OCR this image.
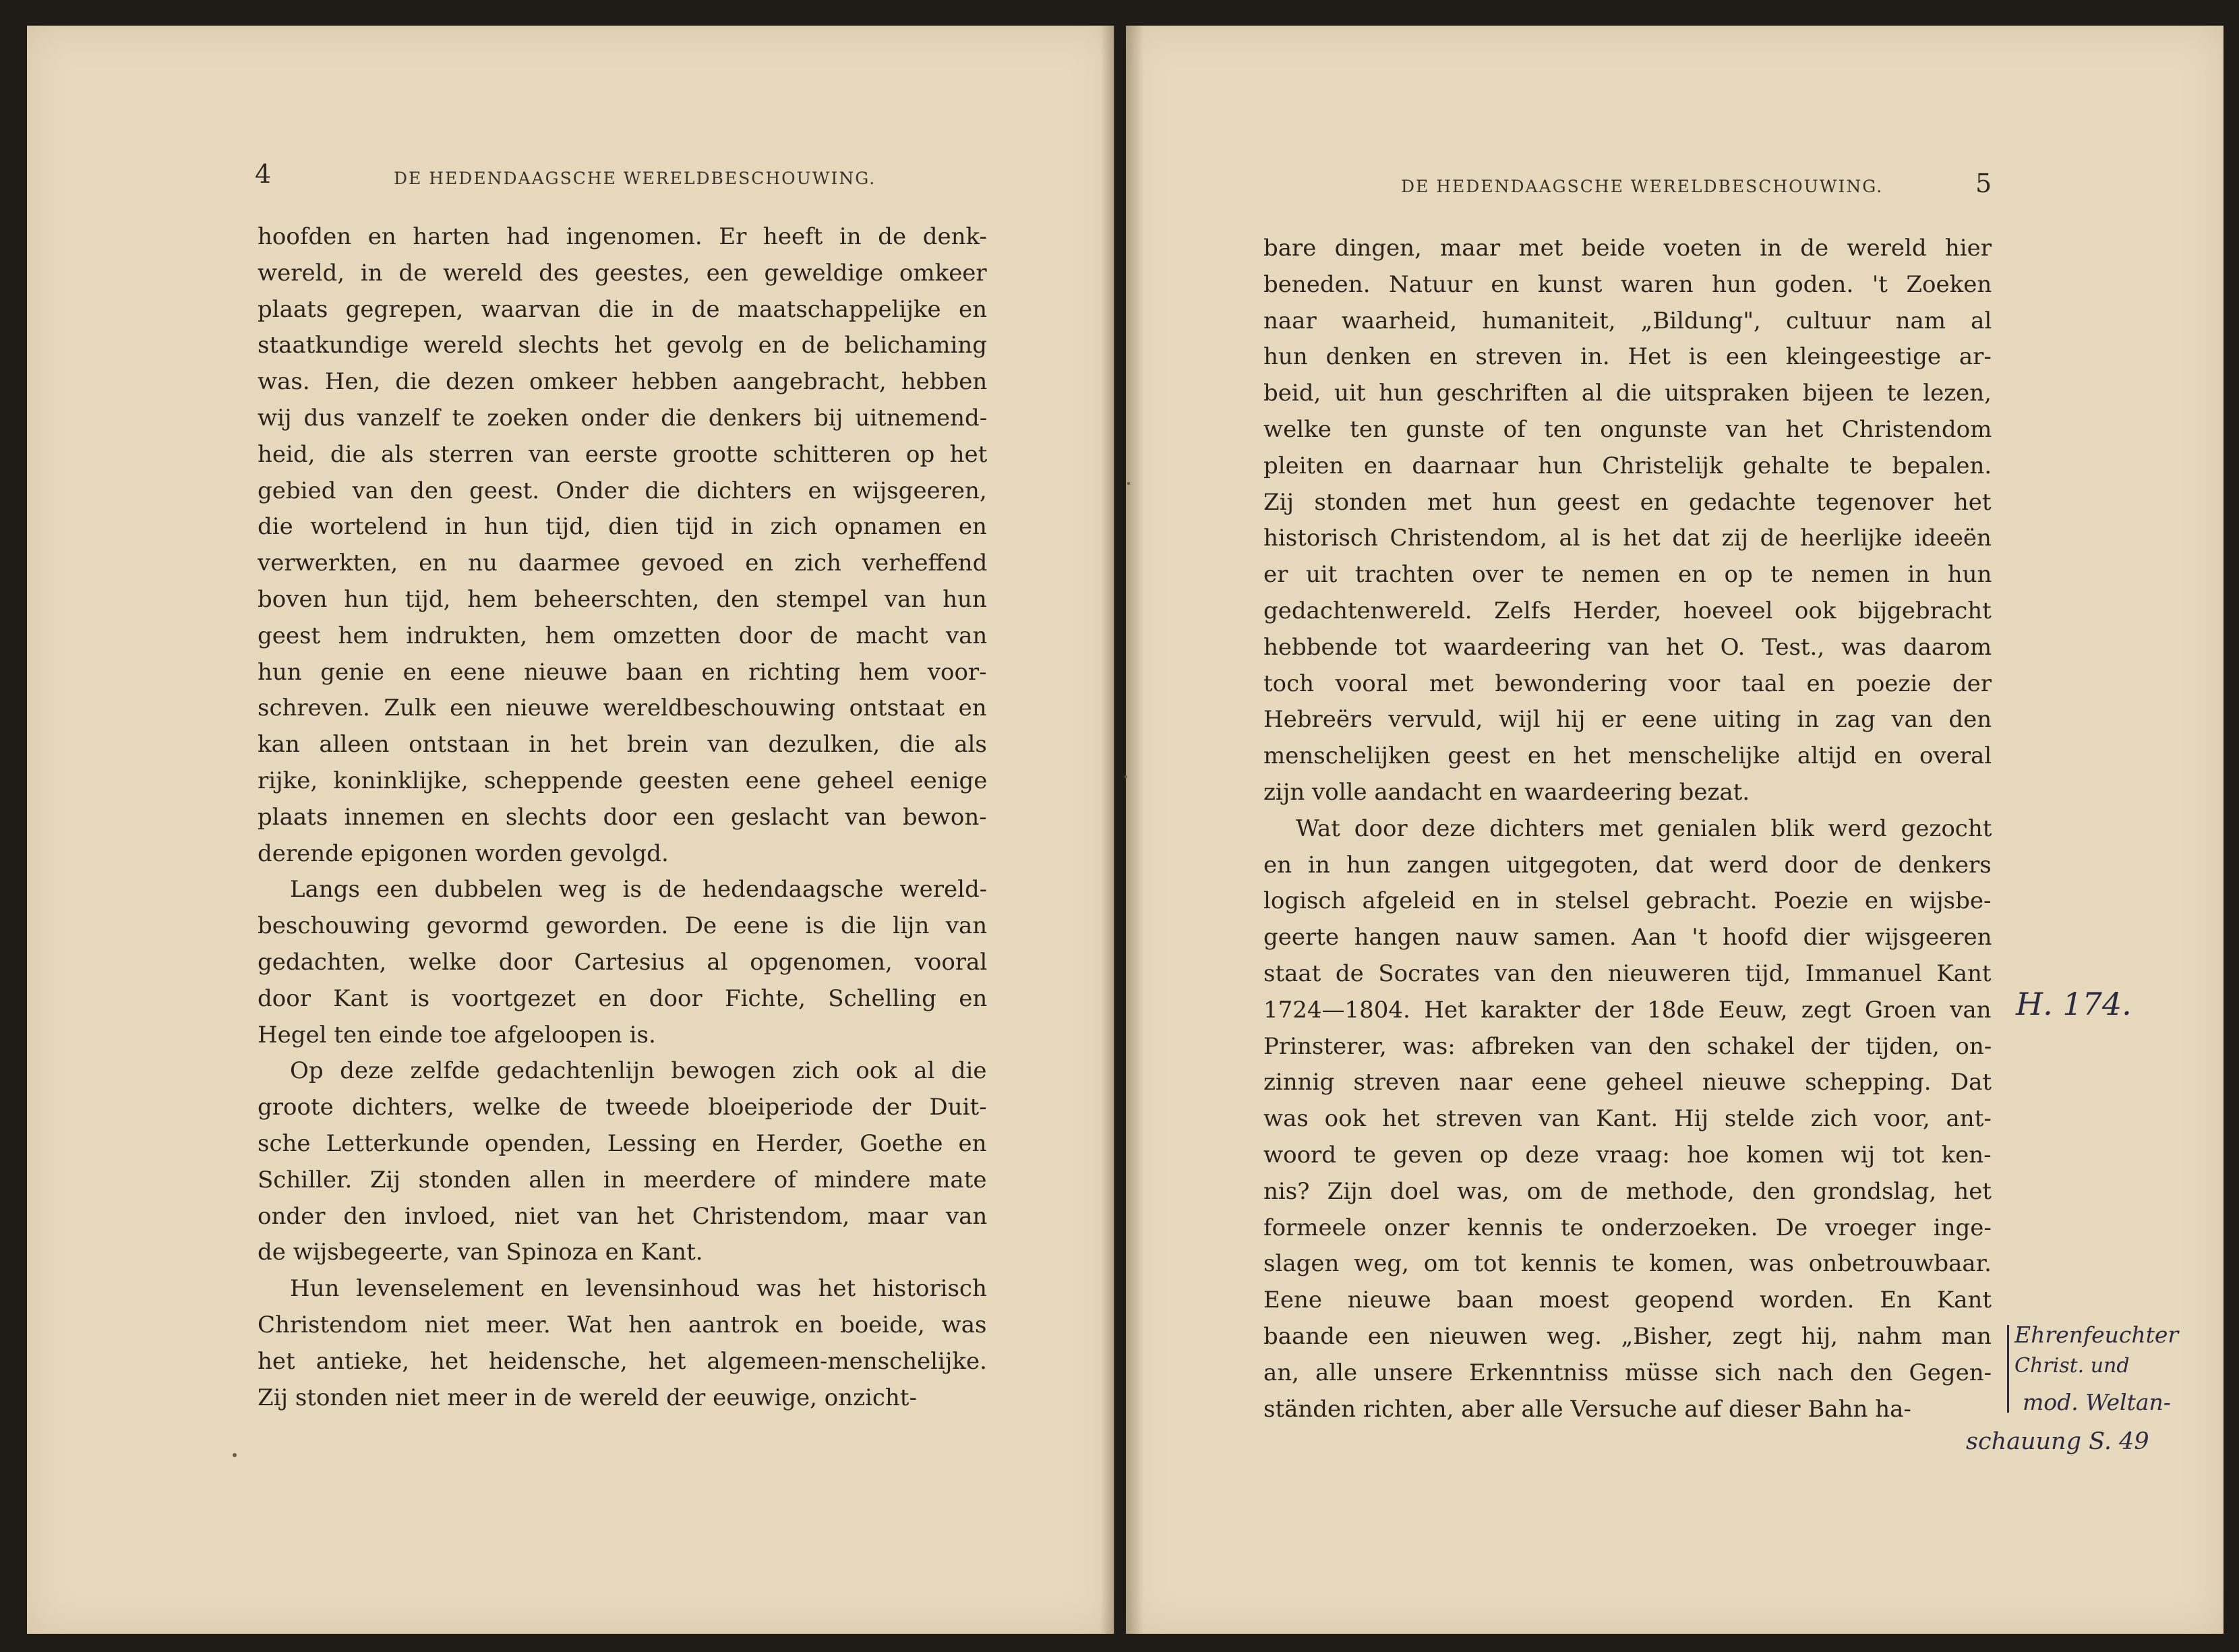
4	DE HEDENDAAGSCHE WERELDBESCHOUWING.
hoofden en harten had ingenomen. Er heeft in de denk-
wereld, in de wereld des geestes, een geweldige omkeer
plaats gegrepen, waarvan die in de maatschappelijke en
staatkundige wereld slechts het gevolg en de belichaming
was. Hen, die dezen omkeer hebben aangebracht, hebben
wij dus vanzelf te zoeken onder die denkers bij uitnemend-
heid, die als sterren van eerste grootte schitteren op het
gebied van den geest. Onder die dichters en wijsgeeren,
die wortelend in hun tijd, dien tijd in zich opnamen en
verwerkten, en nu daarmee gevoed en zich verheffend
boven hun tijd, hem beheerschten, den stempel van hun
geest hem indrukten, hem omzetten door de macht van
hun genie en eene nieuwe baan en richting hem voor-
schreven. Zulk een nieuwe wereldbeschouwing ontstaat en
kan alleen ontstaan in het brein van dezulken, die als
rijke, koninklijke, scheppende geesten eene geheel eenige
plaats innemen en slechts door een geslacht van bewon-
derende epigonen worden gevolgd.
Langs een dubbelen weg is de hedendaagsche wereld-
beschouwing gevormd geworden. De eene is die lijn van
gedachten, welke door Cartesius al opgenomen, vooral
door Kant is voortgezet en door Fichte, Schelling en
Hegel ten einde toe afgeloopen is.
Op deze zelfde gedachtenlijn bewogen zich ook al die
groote dichters, welke de tweede bloeiperiode der Duit-
sche Letterkunde openden, Lessing en Herder, Goethe en
Schiller. Zij stonden allen in meerdere of mindere mate
onder den invloed, niet van het Christendom, maar van
de wijsbegeerte, van Spinoza en Kant.
Hun levenselement en levensinhoud was het historisch
Christendom niet meer. Wat hen aantrok en boeide, was
het antieke, het heidensche, het algemeen-menschelijke.
Zij stonden niet meer in de wereld der eeuwige, onzicht-
DE HEDENDAAGSCHE WERELDBESCHOUWING.	5
bare dingen, maar met beide voeten in de wereld hier
beneden. Natuur en kunst waren hun goden. 't Zoeken
naar waarheid, humaniteit, „Bildung", cultuur nam al
hun denken en streven in. Het is een kleingeestige ar-
beid, uit hun geschriften al die uitspraken bijeen te lezen,
welke ten gunste of ten ongunste van het Christendom
pleiten en daarnaar hun Christelijk gehalte te bepalen.
Zij stonden met hun geest en gedachte tegenover het
historisch Christendom, al is het dat zij de heerlijke ideeën
er uit trachten over te nemen en op te nemen in hun
gedachtenwereld. Zelfs Herder, hoeveel ook bijgebracht
hebbende tot waardeering van het O. Test., was daarom
toch vooral met bewondering voor taal en poezie der
Hebreërs vervuld, wijl hij er eene uiting in zag van den
menschelijken geest en het menschelijke altijd en overal
zijn volle aandacht en waardeering bezat.
Wat door deze dichters met genialen blik werd gezocht
en in hun zangen uitgegoten, dat werd door de denkers
logisch afgeleid en in stelsel gebracht. Poezie en wijsbe-
geerte hangen nauw samen. Aan 't hoofd dier wijsgeeren
staat de Socrates van den nieuweren tijd, Immanuel Kant
1724—1804. Het karakter der 18de Eeuw, zegt Groen van
Prinsterer, was: afbreken van den schakel der tijden, on-
zinnig streven naar eene geheel nieuwe schepping. Dat
was ook het streven van Kant. Hij stelde zich voor, ant-
woord te geven op deze vraag: hoe komen wij tot ken-
nis? Zijn doel was, om de methode, den grondslag, het
formeele onzer kennis te onderzoeken. De vroeger inge-
slagen weg, om tot kennis te komen, was onbetrouwbaar.
Eene nieuwe baan moest geopend worden. En Kant
baande een nieuwen weg. „Bisher, zegt hij, nahm man
an, alle unsere Erkenntniss müsse sich nach den Gegen-
ständen richten, aber alle Versuche auf dieser Bahn ha-
H. 174.
Ehrenfeuchter
Christ. und
mod. Weltan-
schauung S. 49
